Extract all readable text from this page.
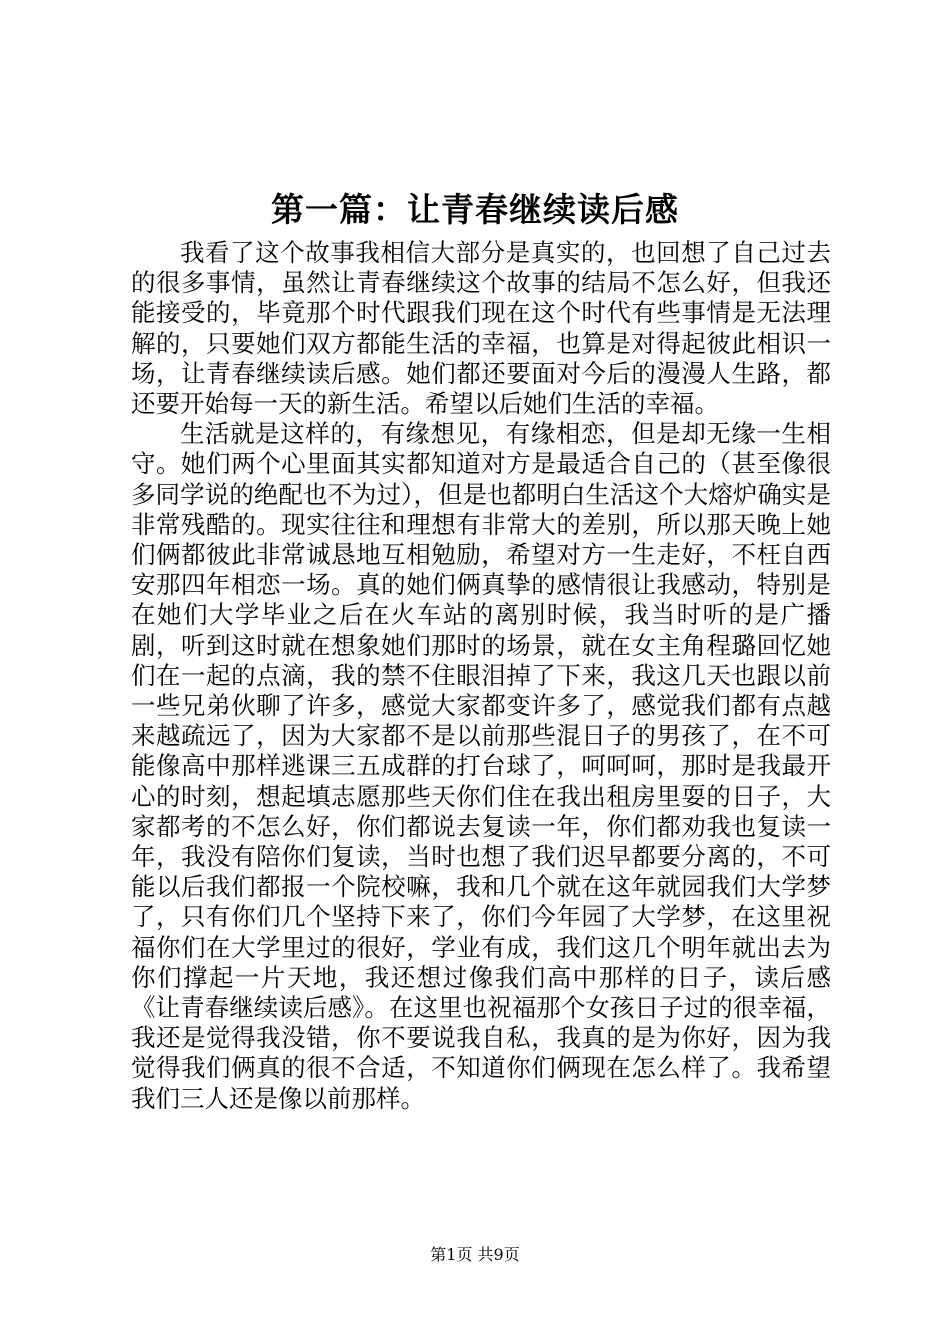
第一篇：让青春继续读后感

我看了这个故事我相信大部分是真实的，也回想了自己过去的很多事情，虽然让青春继续这个故事的结局不怎么好，但我还能接受的，毕竟那个时代跟我们现在这个时代有些事情是无法理解的，只要她们双方都能生活的幸福，也算是对得起彼此相识一场，让青春继续读后感。她们都还要面对今后的漫漫人生路，都还要开始每一天的新生活。希望以后她们生活的幸福。

生活就是这样的，有缘想见，有缘相恋，但是却无缘一生相守。她们两个心里面其实都知道对方是最适合自己的（甚至像很多同学说的绝配也不为过），但是也都明白生活这个大熔炉确实是非常残酷的。现实往往和理想有非常大的差别，所以那天晚上她们俩都彼此非常诚恳地互相勉励，希望对方一生走好，不枉自西安那四年相恋一场。真的她们俩真挚的感情很让我感动，特别是在她们大学毕业之后在火车站的离别时候，我当时听的是广播剧，听到这时就在想象她们那时的场景，就在女主角程璐回忆她们在一起的点滴，我的禁不住眼泪掉了下来，我这几天也跟以前一些兄弟伙聊了许多，感觉大家都变许多了，感觉我们都有点越来越疏远了，因为大家都不是以前那些混日子的男孩了，在不可能像高中那样逃课三五成群的打台球了，呵呵呵，那时是我最开心的时刻，想起填志愿那些天你们住在我出租房里耍的日子，大家都考的不怎么好，你们都说去复读一年，你们都劝我也复读一年，我没有陪你们复读，当时也想了我们迟早都要分离的，不可能以后我们都报一个院校嘛，我和几个就在这年就园我们大学梦了，只有你们几个坚持下来了，你们今年园了大学梦，在这里祝福你们在大学里过的很好，学业有成，我们这几个明年就出去为你们撑起一片天地，我还想过像我们高中那样的日子，读后感《让青春继续读后感》。在这里也祝福那个女孩日子过的很幸福，我还是觉得我没错，你不要说我自私，我真的是为你好，因为我觉得我们俩真的很不合适，不知道你们俩现在怎么样了。我希望我们三人还是像以前那样。

第1页 共9页
